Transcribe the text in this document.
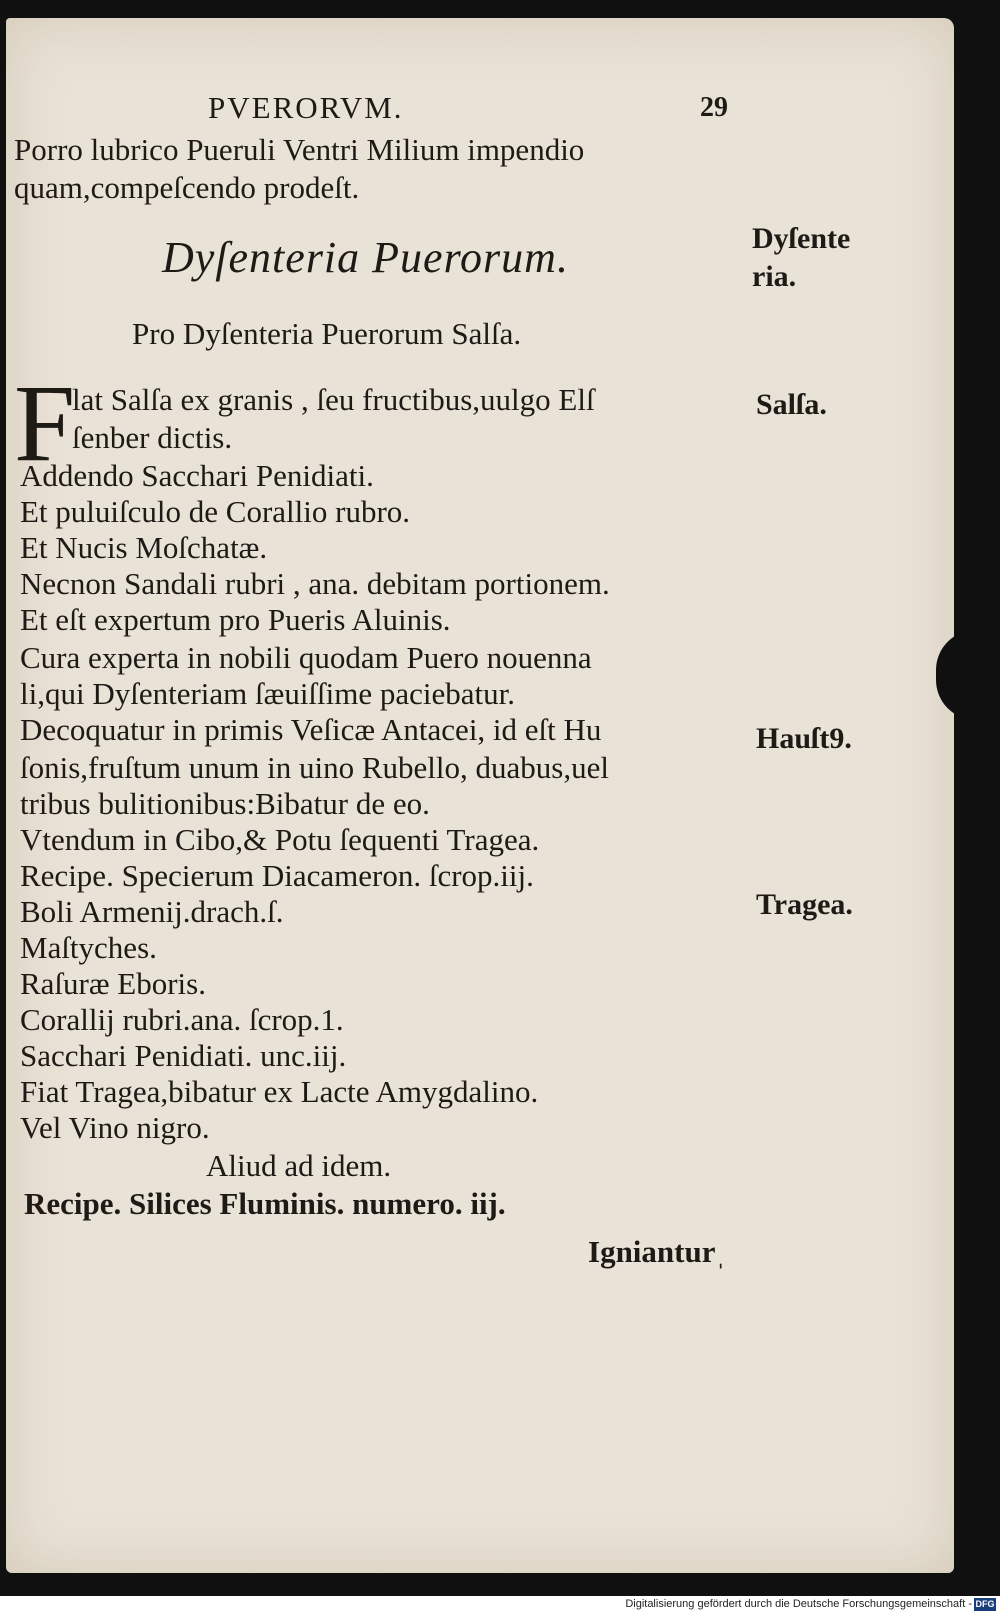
PVERORVM.	29
Porro lubrico Pueruli Ventri Milium impendio
quam,compeſcendo prodeſt.
Dyſenteria Puerorum.	Dyſente
ria.
Pro Dyſenteria Puerorum Salſa.
F	Salſa.
lat Salſa ex granis , ſeu fructibus,uulgo Elſ
ſenber dictis.
Addendo Sacchari Penidiati.
Et puluiſculo de Corallio rubro.
Et Nucis Moſchatæ.
Necnon Sandali rubri , ana. debitam portionem.
Et eſt expertum pro Pueris Aluinis.
Cura experta in nobili quodam Puero nouenna
li,qui Dyſenteriam ſæuiſſime paciebatur.
Decoquatur in primis Veſicæ Antacei, id eſt Hu	Hauſt9.
ſonis,fruſtum unum in uino Rubello, duabus,uel
tribus bulitionibus:Bibatur de eo.
Vtendum in Cibo,& Potu ſequenti Tragea.
Recipe. Specierum Diacameron. ſcrop.iij.
Boli Armenij.drach.ſ.	Tragea.
Maſtyches.
Raſuræ Eboris.
Corallij rubri.ana. ſcrop.1.
Sacchari Penidiati. unc.iij.
Fiat Tragea,bibatur ex Lacte Amygdalino.
Vel Vino nigro.
Aliud ad idem.
Recipe. Silices Fluminis. numero. iij.
Ignianturˌ
Digitalisierung gefördert durch die Deutsche Forschungsgemeinschaft - DFG
